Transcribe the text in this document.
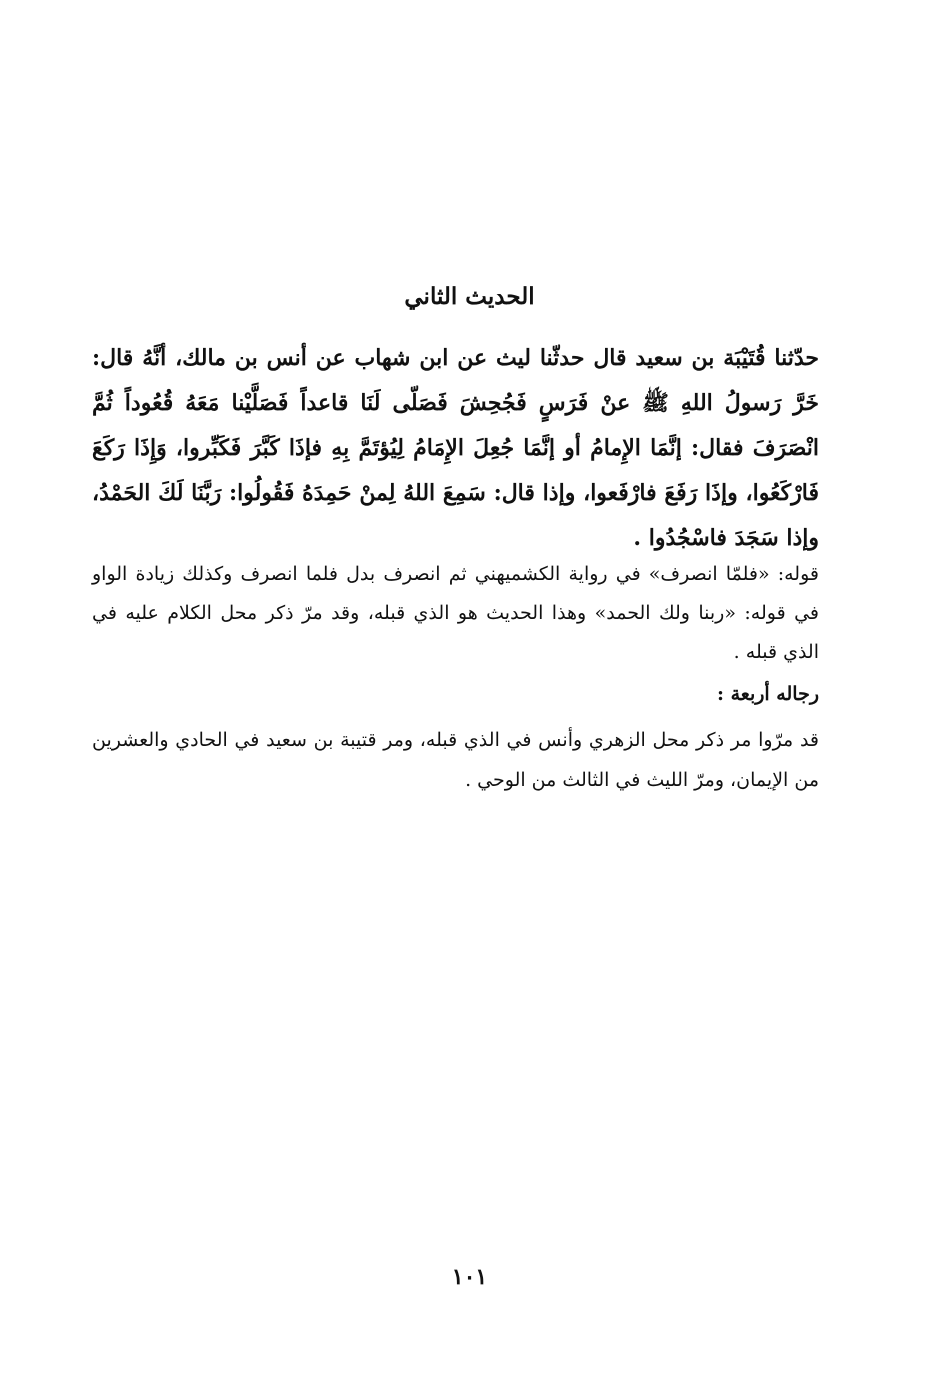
الحديث الثاني

حدّثنا قُتَيْبَة بن سعيد قال حدثّنا ليث عن ابن شهاب عن أنس بن مالك، أنَّهُ قال: خَرَّ رَسولُ اللهِ ﷺ عنْ فَرَسٍ فَجُحِشَ فَصَلّى لَنَا قاعداً فَصَلَّيْنا مَعَهُ قُعُوداً ثُمَّ انْصَرَفَ فقال: إنَّمَا الإِمامُ أو إنَّمَا جُعِلَ الإِمَامُ لِيُؤتَمَّ بِهِ فإذَا كَبَّرَ فَكَبِّروا، وَإِذَا رَكَعَ فَارْكَعُوا، وإذَا رَفَعَ فارْفَعوا، وإذا قال: سَمِعَ اللهُ لِمنْ حَمِدَهُ فَقُولُوا: رَبَّنَا لَكَ الحَمْدُ، وإذا سَجَدَ فاسْجُدُوا .

قوله: «فلمّا انصرف» في رواية الكشميهني ثم انصرف بدل فلما انصرف وكذلك زيادة الواو في قوله: «ربنا ولك الحمد» وهذا الحديث هو الذي قبله، وقد مرّ ذكر محل الكلام عليه في الذي قبله .

رجاله أربعة :

قد مرّوا مر ذكر محل الزهري وأنس في الذي قبله، ومر قتيبة بن سعيد في الحادي والعشرين من الإيمان، ومرّ الليث في الثالث من الوحي .

١٠١
